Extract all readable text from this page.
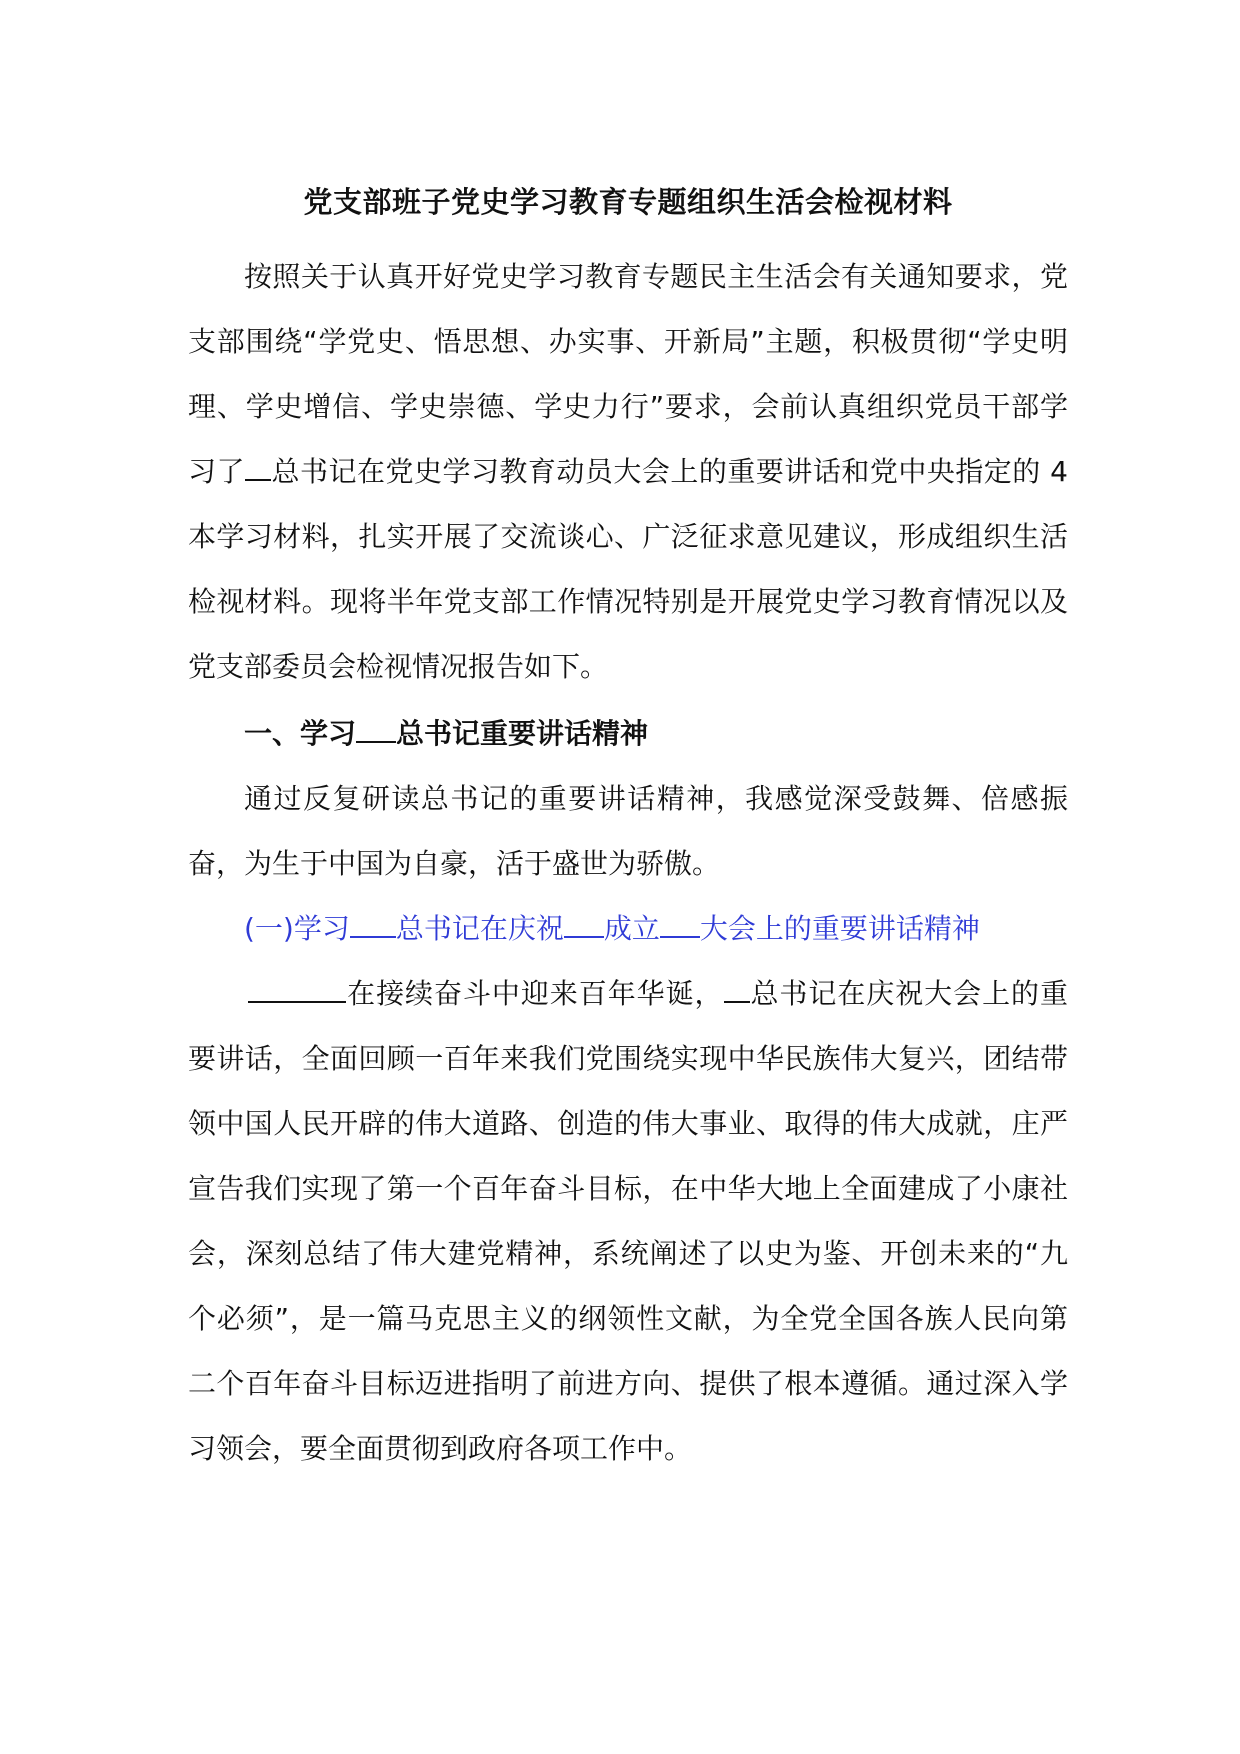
党支部班子党史学习教育专题组织生活会检视材料

按照关于认真开好党史学习教育专题民主生活会有关通知要求，党支部围绕“学党史、悟思想、办实事、开新局”主题，积极贯彻“学史明理、学史增信、学史崇德、学史力行”要求，会前认真组织党员干部学习了 总书记在党史学习教育动员大会上的重要讲话和党中央指定的 4 本学习材料，扎实开展了交流谈心、广泛征求意见建议，形成组织生活检视材料。现将半年党支部工作情况特别是开展党史学习教育情况以及党支部委员会检视情况报告如下。

一、学习 总书记重要讲话精神

通过反复研读总书记的重要讲话精神，我感觉深受鼓舞、倍感振奋，为生于中国为自豪，活于盛世为骄傲。

(一)学习 总书记在庆祝 成立 大会上的重要讲话精神

在接续奋斗中迎来百年华诞， 总书记在庆祝大会上的重要讲话，全面回顾一百年来我们党围绕实现中华民族伟大复兴，团结带领中国人民开辟的伟大道路、创造的伟大事业、取得的伟大成就，庄严宣告我们实现了第一个百年奋斗目标，在中华大地上全面建成了小康社会，深刻总结了伟大建党精神，系统阐述了以史为鉴、开创未来的“九个必须”，是一篇马克思主义的纲领性文献，为全党全国各族人民向第二个百年奋斗目标迈进指明了前进方向、提供了根本遵循。通过深入学习领会，要全面贯彻到政府各项工作中。
